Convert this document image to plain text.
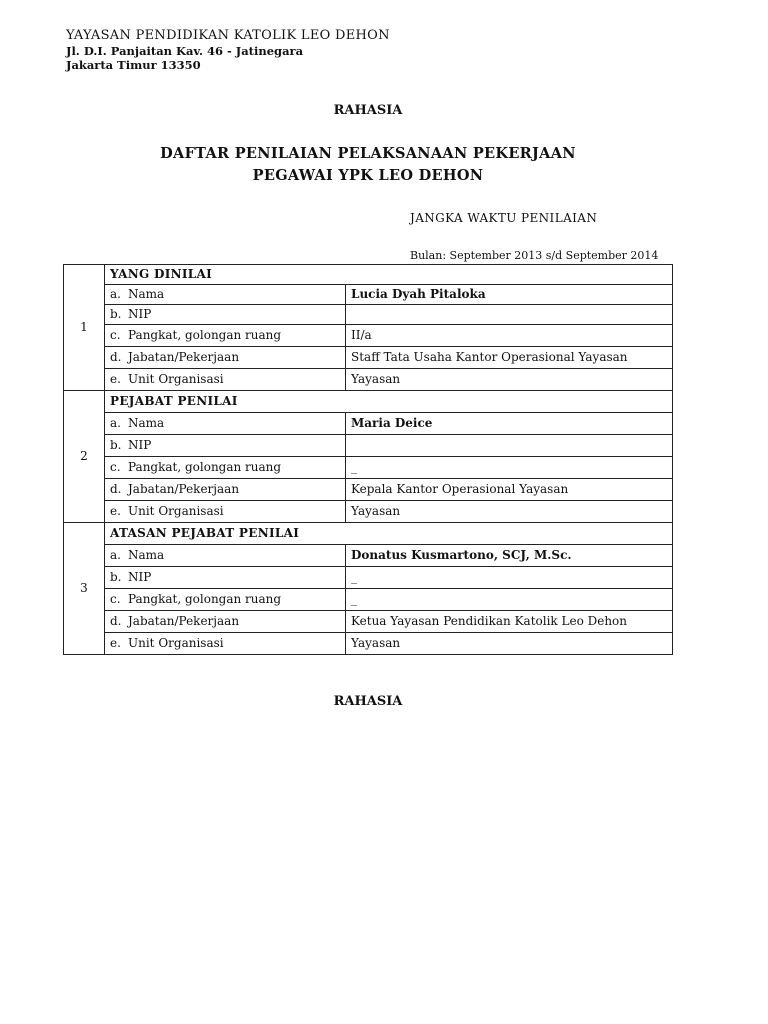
YAYASAN PENDIDIKAN KATOLIK LEO DEHON
Jl. D.I. Panjaitan Kav. 46 - Jatinegara
Jakarta Timur 13350
RAHASIA
DAFTAR PENILAIAN PELAKSANAAN PEKERJAAN
PEGAWAI YPK LEO DEHON
JANGKA WAKTU PENILAIAN
Bulan: September 2013 s/d September 2014
1	YANG DINILAI	
	a. Nama	Lucia Dyah Pitaloka
	b. NIP	
	c. Pangkat, golongan ruang	II/a
	d. Jabatan/Pekerjaan	Staff Tata Usaha Kantor Operasional Yayasan
	e. Unit Organisasi	Yayasan
2	PEJABAT PENILAI	
	a. Nama	Maria Deice
	b. NIP	
	c. Pangkat, golongan ruang	_
	d. Jabatan/Pekerjaan	Kepala Kantor Operasional Yayasan
	e. Unit Organisasi	Yayasan
3	ATASAN PEJABAT PENILAI	
	a. Nama	Donatus Kusmartono, SCJ, M.Sc.
	b. NIP	_
	c. Pangkat, golongan ruang	_
	d. Jabatan/Pekerjaan	Ketua Yayasan Pendidikan Katolik Leo Dehon
	e. Unit Organisasi	Yayasan
RAHASIA
